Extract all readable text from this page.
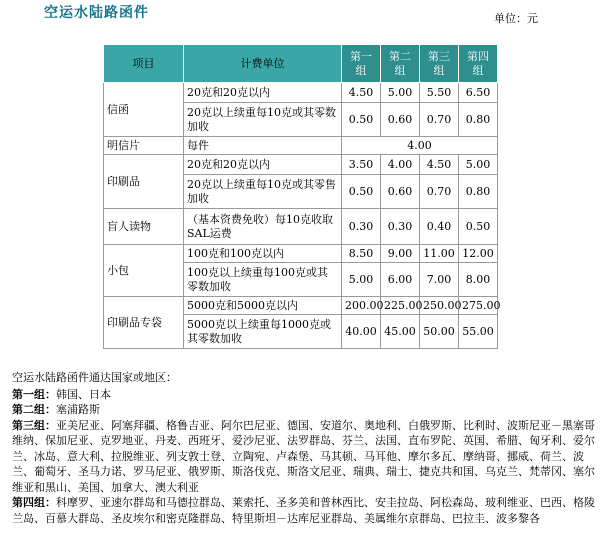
空运水陆路函件	单位：元
项目	计费单位	第一组	第二组	第三组	第四组
信函	20克和20克以内	4.50	5.00	5.50	6.50
	20克以上续重每10克或其零数加收	0.50	0.60	0.70	0.80
明信片	每件	4.00			
印刷品	20克和20克以内	3.50	4.00	4.50	5.00
	20克以上续重每10克或其零售加收	0.50	0.60	0.70	0.80
盲人读物	（基本资费免收）每10克收取SAL运费	0.30	0.30	0.40	0.50
小包	100克和100克以内	8.50	9.00	11.00	12.00
	100克以上续重每100克或其零数加收	5.00	6.00	7.00	8.00
印刷品专袋	5000克和5000克以内	200.00	225.00	250.00	275.00
	5000克以上续重每1000克或其零数加收	40.00	45.00	50.00	55.00
空运水陆路函件通达国家或地区：
第一组：韩国、日本
第二组：塞浦路斯
第三组：亚美尼亚、阿塞拜疆、格鲁吉亚、阿尔巴尼亚、德国、安道尔、奥地利、白俄罗斯、比利时、波斯尼亚－黑塞哥维纳、保加尼亚、克罗地亚、丹麦、西班牙、爱沙尼亚、法罗群岛、芬兰、法国、直布罗陀、英国、希腊、匈牙利、爱尔兰、冰岛、意大利、拉脱维亚、列支敦士登、立陶宛、卢森堡、马其顿、马耳他、摩尔多瓦、摩纳哥、挪威、荷兰、波兰、葡萄牙、圣马力诺、罗马尼亚、俄罗斯、斯洛伐克、斯洛文尼亚、瑞典、瑞士、捷克共和国、乌克兰、梵蒂冈、塞尔维亚和黑山、美国、加拿大、澳大利亚
第四组：科摩罗、亚速尔群岛和马德拉群岛、莱索托、圣多美和普林西比、安圭拉岛、阿松森岛、玻利维亚、巴西、格陵兰岛、百慕大群岛、圣皮埃尔和密克隆群岛、特里斯坦－达库尼亚群岛、美属维尔京群岛、巴拉圭、波多黎各
